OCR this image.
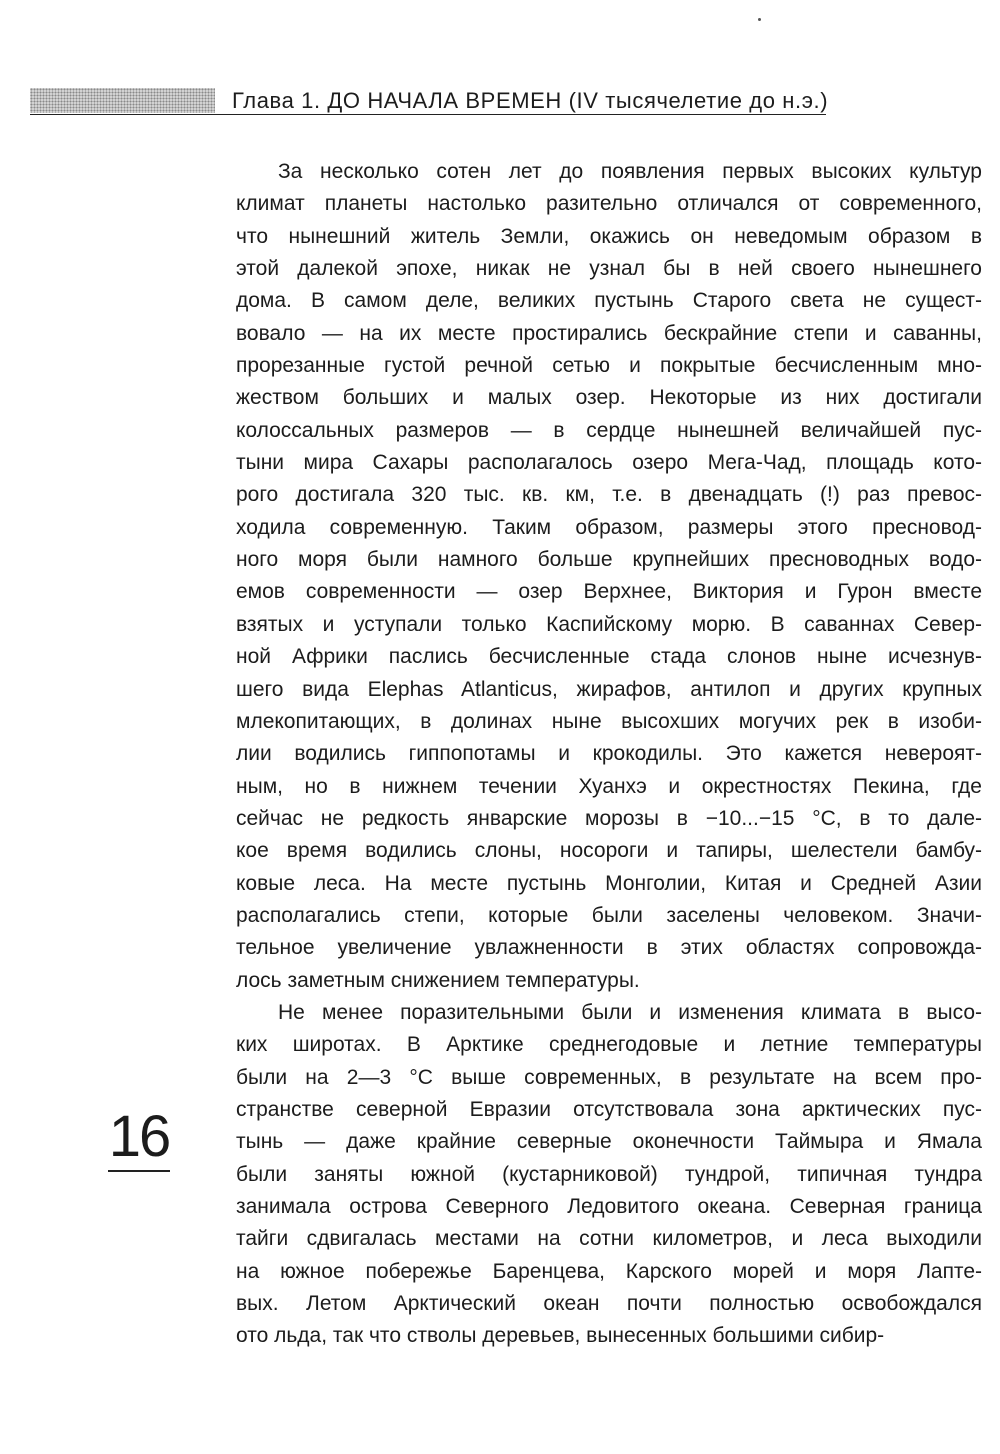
Глава 1. ДО НАЧАЛА ВРЕМЕН (IV тысячелетие до н.э.)
16
За несколько сотен лет до появления первых высоких культур
климат планеты настолько разительно отличался от современного,
что нынешний житель Земли, окажись он неведомым образом в
этой далекой эпохе, никак не узнал бы в ней своего нынешнего
дома. В самом деле, великих пустынь Старого света не сущест-
вовало — на их месте простирались бескрайние степи и саванны,
прорезанные густой речной сетью и покрытые бесчисленным мно-
жеством больших и малых озер. Некоторые из них достигали
колоссальных размеров — в сердце нынешней величайшей пус-
тыни мира Сахары располагалось озеро Мега-Чад, площадь кото-
рого достигала 320 тыс. кв. км, т.е. в двенадцать (!) раз превос-
ходила современную. Таким образом, размеры этого пресновод-
ного моря были намного больше крупнейших пресноводных водо-
емов современности — озер Верхнее, Виктория и Гурон вместе
взятых и уступали только Каспийскому морю. В саваннах Север-
ной Африки паслись бесчисленные стада слонов ныне исчезнув-
шего вида Elephas Atlanticus, жирафов, антилоп и других крупных
млекопитающих, в долинах ныне высохших могучих рек в изоби-
лии водились гиппопотамы и крокодилы. Это кажется невероят-
ным, но в нижнем течении Хуанхэ и окрестностях Пекина, где
сейчас не редкость январские морозы в −10...−15 °С, в то дале-
кое время водились слоны, носороги и тапиры, шелестели бамбу-
ковые леса. На месте пустынь Монголии, Китая и Средней Азии
располагались степи, которые были заселены человеком. Значи-
тельное увеличение увлажненности в этих областях сопровожда-
лось заметным снижением температуры.
Не менее поразительными были и изменения климата в высо-
ких широтах. В Арктике среднегодовые и летние температуры
были на 2—3 °С выше современных, в результате на всем про-
странстве северной Евразии отсутствовала зона арктических пус-
тынь — даже крайние северные оконечности Таймыра и Ямала
были заняты южной (кустарниковой) тундрой, типичная тундра
занимала острова Северного Ледовитого океана. Северная граница
тайги сдвигалась местами на сотни километров, и леса выходили
на южное побережье Баренцева, Карского морей и моря Лапте-
вых. Летом Арктический океан почти полностью освобождался
ото льда, так что стволы деревьев, вынесенных большими сибир-
